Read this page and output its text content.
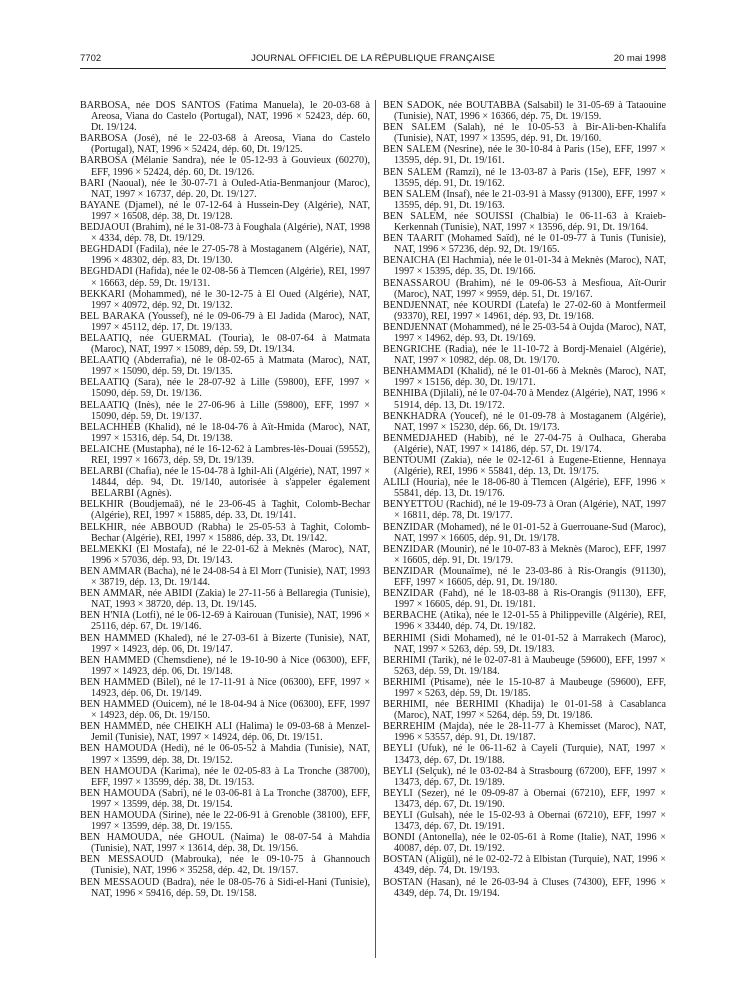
7702	JOURNAL OFFICIEL DE LA RÉPUBLIQUE FRANÇAISE	20 mai 1998

BARBOSA, née DOS SANTOS (Fatima Manuela), le 20-03-68 à Areosa, Viana do Castelo (Portugal), NAT, 1996 × 52423, dép. 60, Dt. 19/124.

BARBOSA (José), né le 22-03-68 à Areosa, Viana do Castelo (Portugal), NAT, 1996 × 52424, dép. 60, Dt. 19/125.

BARBOSA (Mélanie Sandra), née le 05-12-93 à Gouvieux (60270), EFF, 1996 × 52424, dép. 60, Dt. 19/126.

BARI (Naoual), née le 30-07-71 à Ouled-Atia-Benmanjour (Maroc), NAT, 1997 × 16737, dép. 20, Dt. 19/127.

BAYANE (Djamel), né le 07-12-64 à Hussein-Dey (Algérie), NAT, 1997 × 16508, dép. 38, Dt. 19/128.

BEDJAOUI (Brahim), né le 31-08-73 à Foughala (Algérie), NAT, 1998 × 4334, dép. 78, Dt. 19/129.

BEGHDADI (Fadila), née le 27-05-78 à Mostaganem (Algérie), NAT, 1996 × 48302, dép. 83, Dt. 19/130.

BEGHDADI (Hafida), née le 02-08-56 à Tlemcen (Algérie), REI, 1997 × 16663, dép. 59, Dt. 19/131.

BEKKARI (Mohammed), né le 30-12-75 à El Oued (Algérie), NAT, 1997 × 40972, dép. 92, Dt. 19/132.

BEL BARAKA (Youssef), né le 09-06-79 à El Jadida (Maroc), NAT, 1997 × 45112, dép. 17, Dt. 19/133.

BELAATIQ, née GUERMAL (Touria), le 08-07-64 à Matmata (Maroc), NAT, 1997 × 15089, dép. 59, Dt. 19/134.

BELAATIQ (Abderrafia), né le 08-02-65 à Matmata (Maroc), NAT, 1997 × 15090, dép. 59, Dt. 19/135.

BELAATIQ (Sara), née le 28-07-92 à Lille (59800), EFF, 1997 × 15090, dép. 59, Dt. 19/136.

BELAATIQ (Inès), née le 27-06-96 à Lille (59800), EFF, 1997 × 15090, dép. 59, Dt. 19/137.

BELACHHEB (Khalid), né le 18-04-76 à Aït-Hmida (Maroc), NAT, 1997 × 15316, dép. 54, Dt. 19/138.

BELAICHE (Mustapha), né le 16-12-62 à Lambres-lès-Douai (59552), REI, 1997 × 16673, dép. 59, Dt. 19/139.

BELARBI (Chafia), née le 15-04-78 à Ighil-Ali (Algérie), NAT, 1997 × 14844, dép. 94, Dt. 19/140, autorisée à s'appeler également BELARBI (Agnès).

BELKHIR (Boudjemaâ), né le 23-06-45 à Taghit, Colomb-Bechar (Algérie), REI, 1997 × 15885, dép. 33, Dt. 19/141.

BELKHIR, née ABBOUD (Rabha) le 25-05-53 à Taghit, Colomb-Bechar (Algérie), REI, 1997 × 15886, dép. 33, Dt. 19/142.

BELMEKKI (El Mostafa), né le 22-01-62 à Meknès (Maroc), NAT, 1996 × 57036, dép. 93, Dt. 19/143.

BEN AMMAR (Bacha), né le 24-08-54 à El Morr (Tunisie), NAT, 1993 × 38719, dép. 13, Dt. 19/144.

BEN AMMAR, née ABIDI (Zakia) le 27-11-56 à Bellaregia (Tunisie), NAT, 1993 × 38720, dép. 13, Dt. 19/145.

BEN H'NIA (Lotfi), né le 06-12-69 à Kairouan (Tunisie), NAT, 1996 × 25116, dép. 67, Dt. 19/146.

BEN HAMMED (Khaled), né le 27-03-61 à Bizerte (Tunisie), NAT, 1997 × 14923, dép. 06, Dt. 19/147.

BEN HAMMED (Chemsdiene), né le 19-10-90 à Nice (06300), EFF, 1997 × 14923, dép. 06, Dt. 19/148.

BEN HAMMED (Bilel), né le 17-11-91 à Nice (06300), EFF, 1997 × 14923, dép. 06, Dt. 19/149.

BEN HAMMED (Ouicem), né le 18-04-94 à Nice (06300), EFF, 1997 × 14923, dép. 06, Dt. 19/150.

BEN HAMMED, née CHEIKH ALI (Halima) le 09-03-68 à Menzel-Jemil (Tunisie), NAT, 1997 × 14924, dép. 06, Dt. 19/151.

BEN HAMOUDA (Hedi), né le 06-05-52 à Mahdia (Tunisie), NAT, 1997 × 13599, dép. 38, Dt. 19/152.

BEN HAMOUDA (Karima), née le 02-05-83 à La Tronche (38700), EFF, 1997 × 13599, dép. 38, Dt. 19/153.

BEN HAMOUDA (Sabri), né le 03-06-81 à La Tronche (38700), EFF, 1997 × 13599, dép. 38, Dt. 19/154.

BEN HAMOUDA (Sirine), née le 22-06-91 à Grenoble (38100), EFF, 1997 × 13599, dép. 38, Dt. 19/155.

BEN HAMOUDA, née GHOUL (Naima) le 08-07-54 à Mahdia (Tunisie), NAT, 1997 × 13614, dép. 38, Dt. 19/156.

BEN MESSAOUD (Mabrouka), née le 09-10-75 à Ghannouch (Tunisie), NAT, 1996 × 35258, dép. 42, Dt. 19/157.

BEN MESSAOUD (Badra), née le 08-05-76 à Sidi-el-Hani (Tunisie), NAT, 1996 × 59416, dép. 59, Dt. 19/158.

BEN SADOK, née BOUTABBA (Salsabil) le 31-05-69 à Tataouine (Tunisie), NAT, 1996 × 16366, dép. 75, Dt. 19/159.

BEN SALEM (Salah), né le 10-05-53 à Bir-Ali-ben-Khalifa (Tunisie), NAT, 1997 × 13595, dép. 91, Dt. 19/160.

BEN SALEM (Nesrine), née le 30-10-84 à Paris (15e), EFF, 1997 × 13595, dép. 91, Dt. 19/161.

BEN SALEM (Ramzi), né le 13-03-87 à Paris (15e), EFF, 1997 × 13595, dép. 91, Dt. 19/162.

BEN SALEM (Insaf), née le 21-03-91 à Massy (91300), EFF, 1997 × 13595, dép. 91, Dt. 19/163.

BEN SALEM, née SOUISSI (Chalbia) le 06-11-63 à Kraieb-Kerkennah (Tunisie), NAT, 1997 × 13596, dép. 91, Dt. 19/164.

BEN TAARIT (Mohamed Saïd), né le 01-09-77 à Tunis (Tunisie), NAT, 1996 × 57236, dép. 92, Dt. 19/165.

BENAICHA (El Hachmia), née le 01-01-34 à Meknès (Maroc), NAT, 1997 × 15395, dép. 35, Dt. 19/166.

BENASSAROU (Brahim), né le 09-06-53 à Mesfioua, Aït-Ourir (Maroc), NAT, 1997 × 9959, dép. 51, Dt. 19/167.

BENDJENNAT, née KOURDI (Latefa) le 27-02-60 à Montfermeil (93370), REI, 1997 × 14961, dép. 93, Dt. 19/168.

BENDJENNAT (Mohammed), né le 25-03-54 à Oujda (Maroc), NAT, 1997 × 14962, dép. 93, Dt. 19/169.

BENGRICHE (Radia), née le 11-10-72 à Bordj-Menaiel (Algérie), NAT, 1997 × 10982, dép. 08, Dt. 19/170.

BENHAMMADI (Khalid), né le 01-01-66 à Meknès (Maroc), NAT, 1997 × 15156, dép. 30, Dt. 19/171.

BENHIBA (Djilali), né le 07-04-70 à Mendez (Algérie), NAT, 1996 × 51914, dép. 13, Dt. 19/172.

BENKHADRA (Youcef), né le 01-09-78 à Mostaganem (Algérie), NAT, 1997 × 15230, dép. 66, Dt. 19/173.

BENMEDJAHED (Habib), né le 27-04-75 à Oulhaca, Gheraba (Algérie), NAT, 1997 × 14186, dép. 57, Dt. 19/174.

BENTOUMI (Zakia), née le 02-12-61 à Eugene-Etienne, Hennaya (Algérie), REI, 1996 × 55841, dép. 13, Dt. 19/175.

ALILI (Houria), née le 18-06-80 à Tlemcen (Algérie), EFF, 1996 × 55841, dép. 13, Dt. 19/176.

BENYETTOU (Rachid), né le 19-09-73 à Oran (Algérie), NAT, 1997 × 16811, dép. 78, Dt. 19/177.

BENZIDAR (Mohamed), né le 01-01-52 à Guerrouane-Sud (Maroc), NAT, 1997 × 16605, dép. 91, Dt. 19/178.

BENZIDAR (Mounir), né le 10-07-83 à Meknès (Maroc), EFF, 1997 × 16605, dép. 91, Dt. 19/179.

BENZIDAR (Mounaïme), né le 23-03-86 à Ris-Orangis (91130), EFF, 1997 × 16605, dép. 91, Dt. 19/180.

BENZIDAR (Fahd), né le 18-03-88 à Ris-Orangis (91130), EFF, 1997 × 16605, dép. 91, Dt. 19/181.

BERBACHE (Atika), née le 12-01-55 à Philippeville (Algérie), REI, 1996 × 33440, dép. 74, Dt. 19/182.

BERHIMI (Sidi Mohamed), né le 01-01-52 à Marrakech (Maroc), NAT, 1997 × 5263, dép. 59, Dt. 19/183.

BERHIMI (Tarik), né le 02-07-81 à Maubeuge (59600), EFF, 1997 × 5263, dép. 59, Dt. 19/184.

BERHIMI (Ptisame), née le 15-10-87 à Maubeuge (59600), EFF, 1997 × 5263, dép. 59, Dt. 19/185.

BERHIMI, née BERHIMI (Khadija) le 01-01-58 à Casablanca (Maroc), NAT, 1997 × 5264, dép. 59, Dt. 19/186.

BERREHIM (Majda), née le 28-11-77 à Khemisset (Maroc), NAT, 1996 × 53557, dép. 91, Dt. 19/187.

BEYLI (Ufuk), né le 06-11-62 à Cayeli (Turquie), NAT, 1997 × 13473, dép. 67, Dt. 19/188.

BEYLI (Selçuk), né le 03-02-84 à Strasbourg (67200), EFF, 1997 × 13473, dép. 67, Dt. 19/189.

BEYLI (Sezer), né le 09-09-87 à Obernai (67210), EFF, 1997 × 13473, dép. 67, Dt. 19/190.

BEYLI (Gulsah), née le 15-02-93 à Obernai (67210), EFF, 1997 × 13473, dép. 67, Dt. 19/191.

BONDI (Antonella), née le 02-05-61 à Rome (Italie), NAT, 1996 × 40087, dép. 07, Dt. 19/192.

BOSTAN (Aligül), né le 02-02-72 à Elbistan (Turquie), NAT, 1996 × 4349, dép. 74, Dt. 19/193.

BOSTAN (Hasan), né le 26-03-94 à Cluses (74300), EFF, 1996 × 4349, dép. 74, Dt. 19/194.
